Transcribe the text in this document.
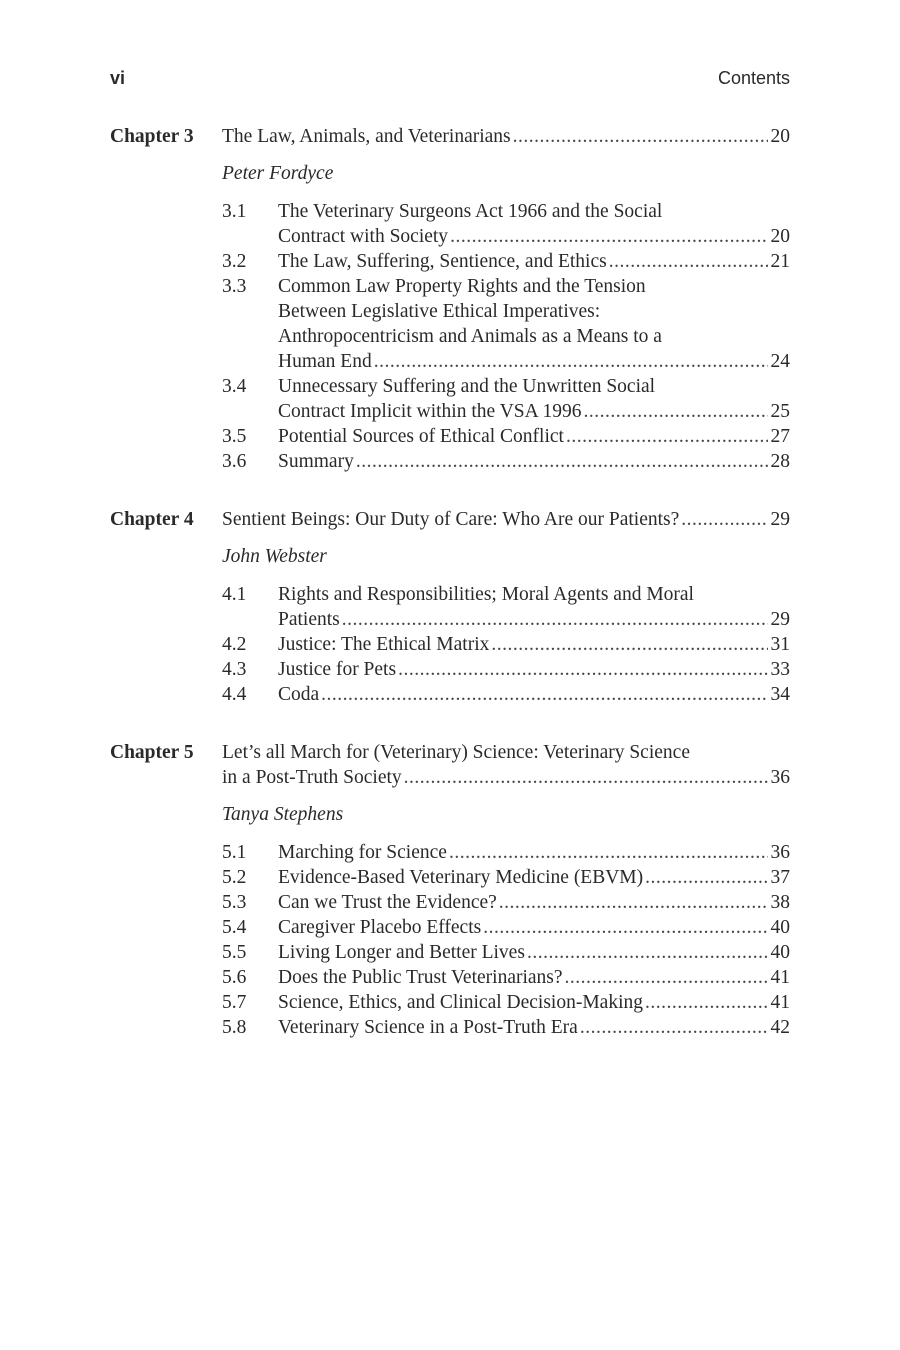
vi	Contents
Chapter 3 The Law, Animals, and Veterinarians .....	20
Peter Fordyce
3.1	The Veterinary Surgeons Act 1966 and the Social
Contract with Society .....	20
3.2	The Law, Suffering, Sentience, and Ethics .....	21
3.3	Common Law Property Rights and the Tension
Between Legislative Ethical Imperatives:
Anthropocentricism and Animals as a Means to a
Human End .....	24
3.4	Unnecessary Suffering and the Unwritten Social
Contract Implicit within the VSA 1996 .....	25
3.5	Potential Sources of Ethical Conflict .....	27
3.6	Summary .....	28
Chapter 4 Sentient Beings: Our Duty of Care: Who Are our Patients? .....	29
John Webster
4.1	Rights and Responsibilities; Moral Agents and Moral
Patients .....	29
4.2	Justice: The Ethical Matrix .....	31
4.3	Justice for Pets .....	33
4.4	Coda .....	34
Chapter 5 Let’s all March for (Veterinary) Science: Veterinary Science
in a Post-Truth Society .....	36
Tanya Stephens
5.1	Marching for Science .....	36
5.2	Evidence-Based Veterinary Medicine (EBVM) .....	37
5.3	Can we Trust the Evidence? .....	38
5.4	Caregiver Placebo Effects .....	40
5.5	Living Longer and Better Lives .....	40
5.6	Does the Public Trust Veterinarians? .....	41
5.7	Science, Ethics, and Clinical Decision-Making .....	41
5.8	Veterinary Science in a Post-Truth Era .....	42
